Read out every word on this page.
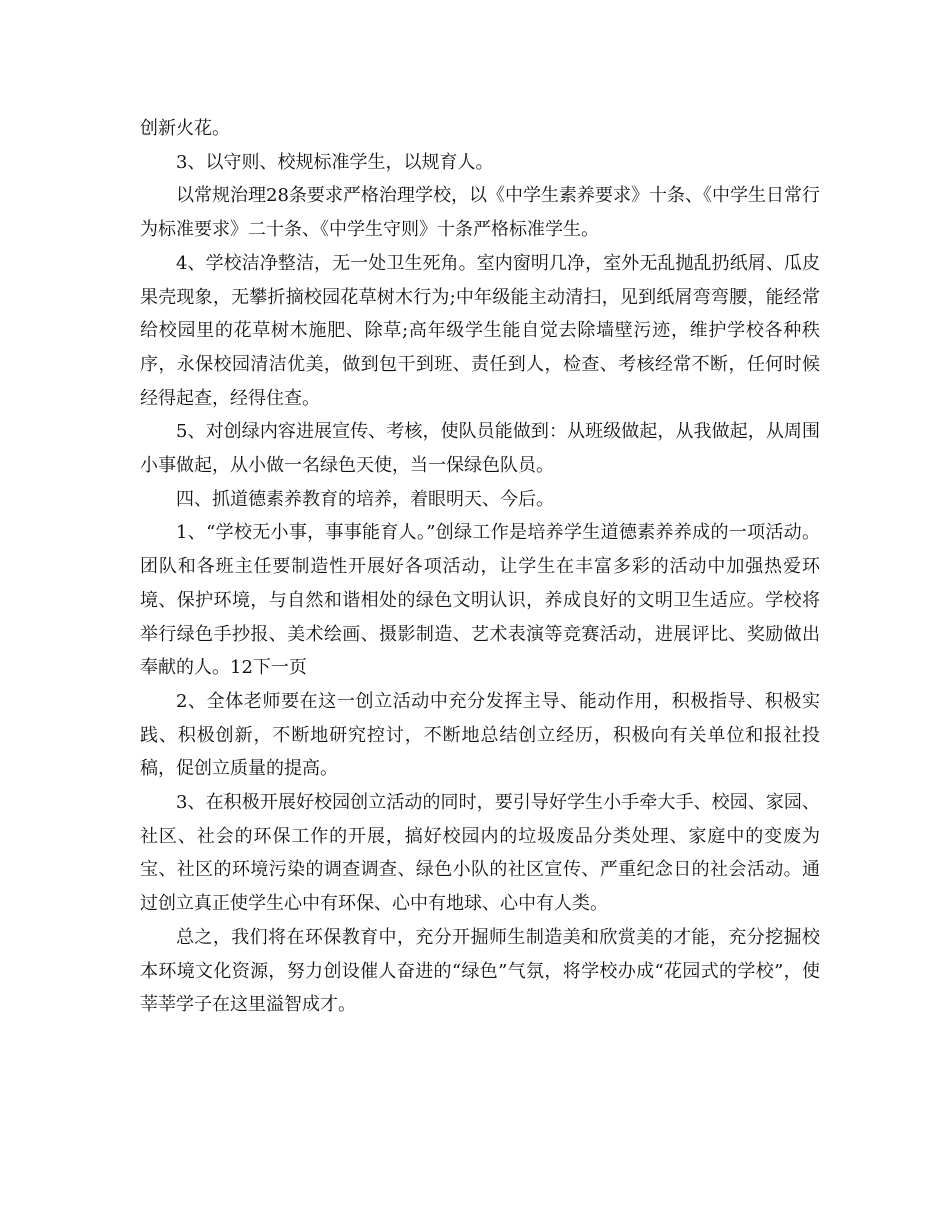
创新火花。

3、以守则、校规标准学生，以规育人。

以常规治理28条要求严格治理学校，以《中学生素养要求》十条、《中学生日常行为标准要求》二十条、《中学生守则》十条严格标准学生。

4、学校洁净整洁，无一处卫生死角。室内窗明几净，室外无乱抛乱扔纸屑、瓜皮果壳现象，无攀折摘校园花草树木行为;中年级能主动清扫，见到纸屑弯弯腰，能经常给校园里的花草树木施肥、除草;高年级学生能自觉去除墙壁污迹，维护学校各种秩序，永保校园清洁优美，做到包干到班、责任到人，检查、考核经常不断，任何时候经得起查，经得住查。

5、对创绿内容进展宣传、考核，使队员能做到：从班级做起，从我做起，从周围小事做起，从小做一名绿色天使，当一保绿色队员。

四、抓道德素养教育的培养，着眼明天、今后。

1、“学校无小事，事事能育人。”创绿工作是培养学生道德素养养成的一项活动。团队和各班主任要制造性开展好各项活动，让学生在丰富多彩的活动中加强热爱环境、保护环境，与自然和谐相处的绿色文明认识，养成良好的文明卫生适应。学校将举行绿色手抄报、美术绘画、摄影制造、艺术表演等竞赛活动，进展评比、奖励做出奉献的人。12下一页

2、全体老师要在这一创立活动中充分发挥主导、能动作用，积极指导、积极实践、积极创新，不断地研究控讨，不断地总结创立经历，积极向有关单位和报社投稿，促创立质量的提高。

3、在积极开展好校园创立活动的同时，要引导好学生小手牵大手、校园、家园、社区、社会的环保工作的开展，搞好校园内的垃圾废品分类处理、家庭中的变废为宝、社区的环境污染的调查调查、绿色小队的社区宣传、严重纪念日的社会活动。通过创立真正使学生心中有环保、心中有地球、心中有人类。

总之，我们将在环保教育中，充分开掘师生制造美和欣赏美的才能，充分挖掘校本环境文化资源，努力创设催人奋进的“绿色”气氛，将学校办成“花园式的学校”，使莘莘学子在这里溢智成才。
